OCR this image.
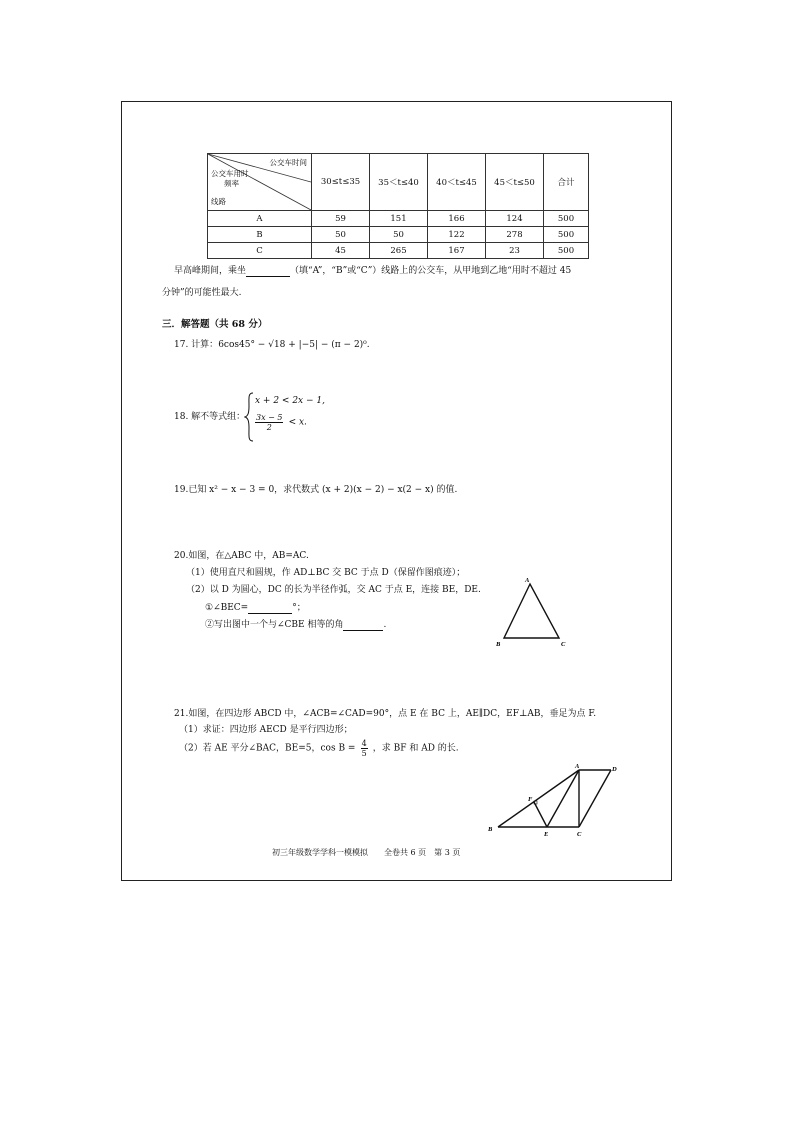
公交车时间
公交车用时
频率
线路	30≤t≤35	35＜t≤40	40＜t≤45	45＜t≤50	合计
A	59	151	166	124	500
B	50	50	122	278	500
C	45	265	167	23	500
早高峰期间，乘坐	（填“A”，“B”或“C”）线路上的公交车，从甲地到乙地“用时不超过 45
分钟”的可能性最大.
三．解答题（共 68 分）
17. 计算：6cos45° − √18 + |−5| − (π − 2)⁰.
18. 解不等式组：
x + 2 < 2x − 1,
$\frac{3x - 5}{2} < x$.
19.已知 x² − x − 3 = 0，求代数式 (x + 2)(x − 2) − x(2 − x) 的值.
20.如图，在△ABC 中，AB=AC.
（1）使用直尺和圆规，作 AD⊥BC 交 BC 于点 D（保留作图痕迹）；
（2）以 D 为圆心，DC 的长为半径作弧，交 AC 于点 E，连接 BE，DE.
①∠BEC=	°；
②写出图中一个与∠CBE 相等的角	.
A
B	C
21.如图，在四边形 ABCD 中，∠ACB=∠CAD=90°，点 E 在 BC 上，AE∥DC，EF⊥AB，垂足为点 F.
（1）求证：四边形 AECD 是平行四边形；
（2）若 AE 平分∠BAC，BE=5，$\cos B = \frac{4}{5}$ ，求 BF 和 AD 的长.
A
B
C
D
E
F
初三年级数学学科一模模拟　　全卷共 6 页　第 3 页
